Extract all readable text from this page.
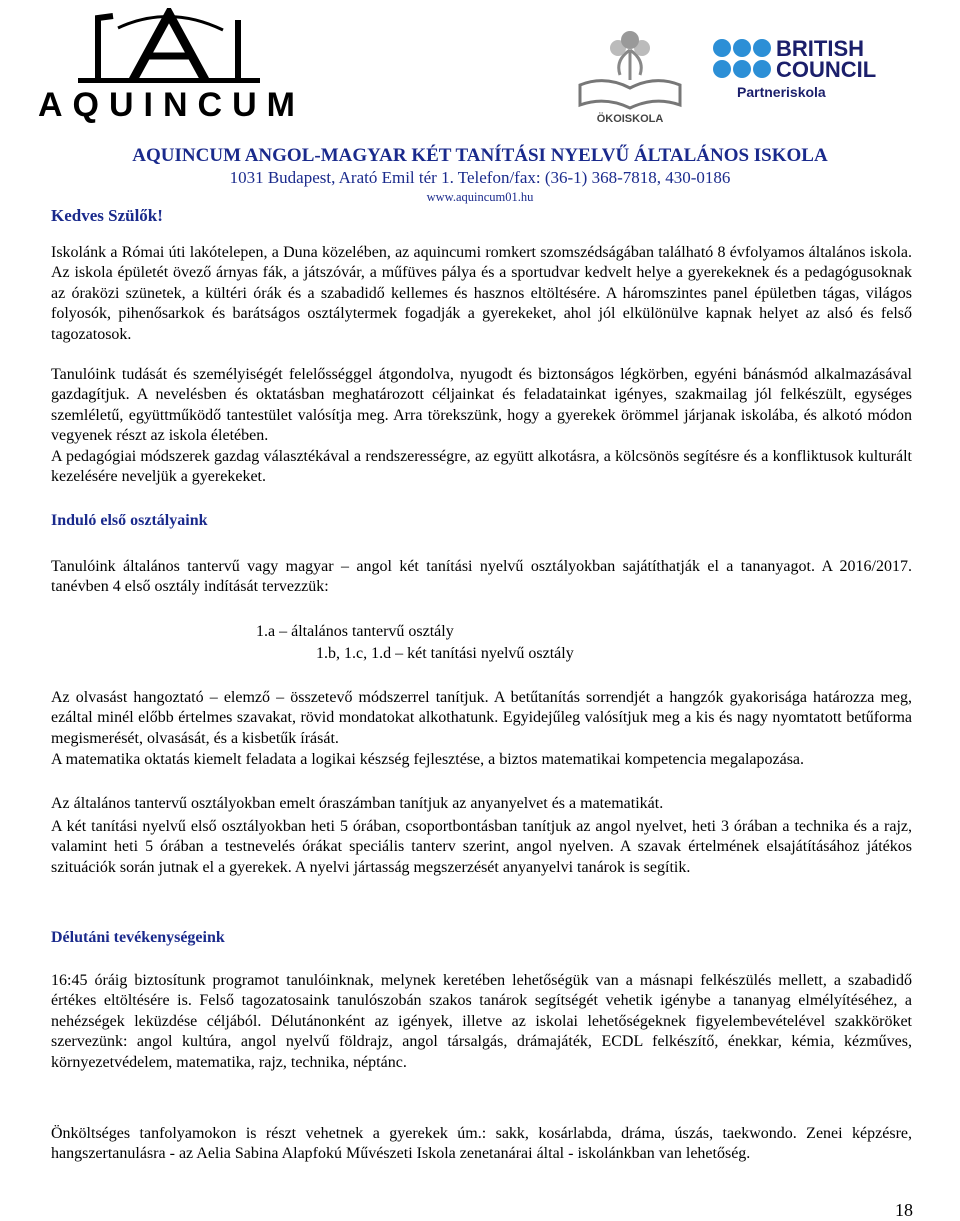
AQUINCUM	ÖKOISKOLA
BRITISH
COUNCIL
Partneriskola
AQUINCUM ANGOL-MAGYAR KÉT TANÍTÁSI NYELVŰ ÁLTALÁNOS ISKOLA
1031 Budapest, Arató Emil tér 1. Telefon/fax: (36-1) 368-7818, 430-0186
www.aquincum01.hu
Kedves Szülők!
Iskolánk a Római úti lakótelepen, a Duna közelében, az aquincumi romkert szomszédságában található 8 évfolyamos általános iskola. Az iskola épületét övező árnyas fák, a játszóvár, a műfüves pálya és a sportudvar kedvelt helye a gyerekeknek és a pedagógusoknak az óraközi szünetek, a kültéri órák és a szabadidő kellemes és hasznos eltöltésére. A háromszintes panel épületben tágas, világos folyosók, pihenősarkok és barátságos osztálytermek fogadják a gyerekeket, ahol jól elkülönülve kapnak helyet az alsó és felső tagozatosok.
Tanulóink tudását és személyiségét felelősséggel átgondolva, nyugodt és biztonságos légkörben, egyéni bánásmód alkalmazásával gazdagítjuk. A nevelésben és oktatásban meghatározott céljainkat és feladatainkat igényes, szakmailag jól felkészült, egységes szemléletű, együttműködő tantestület valósítja meg. Arra törekszünk, hogy a gyerekek örömmel járjanak iskolába, és alkotó módon vegyenek részt az iskola életében.
A pedagógiai módszerek gazdag választékával a rendszerességre, az együtt alkotásra, a kölcsönös segítésre és a konfliktusok kulturált kezelésére neveljük a gyerekeket.
Induló első osztályaink
Tanulóink általános tantervű vagy magyar – angol két tanítási nyelvű osztályokban sajátíthatják el a tananyagot. A 2016/2017. tanévben 4 első osztály indítását tervezzük:
1.a – általános tantervű osztály
1.b, 1.c, 1.d – két tanítási nyelvű osztály
Az olvasást hangoztató – elemző – összetevő módszerrel tanítjuk. A betűtanítás sorrendjét a hangzók gyakorisága határozza meg, ezáltal minél előbb értelmes szavakat, rövid mondatokat alkothatunk. Egyidejűleg valósítjuk meg a kis és nagy nyomtatott betűforma megismerését, olvasását, és a kisbetűk írását.
A matematika oktatás kiemelt feladata a logikai készség fejlesztése, a biztos matematikai kompetencia megalapozása.
Az általános tantervű osztályokban emelt óraszámban tanítjuk az anyanyelvet és a matematikát.
A két tanítási nyelvű első osztályokban heti 5 órában, csoportbontásban tanítjuk az angol nyelvet, heti 3 órában a technika és a rajz, valamint heti 5 órában a testnevelés órákat speciális tanterv szerint, angol nyelven. A szavak értelmének elsajátításához játékos szituációk során jutnak el a gyerekek. A nyelvi jártasság megszerzését anyanyelvi tanárok is segítik.
Délutáni tevékenységeink
16:45 óráig biztosítunk programot tanulóinknak, melynek keretében lehetőségük van a másnapi felkészülés mellett, a szabadidő értékes eltöltésére is. Felső tagozatosaink tanulószobán szakos tanárok segítségét vehetik igénybe a tananyag elmélyítéséhez, a nehézségek leküzdése céljából. Délutánonként az igények, illetve az iskolai lehetőségeknek figyelembevételével szakköröket szervezünk: angol kultúra, angol nyelvű földrajz, angol társalgás, drámajáték, ECDL felkészítő, énekkar, kémia, kézműves, környezetvédelem, matematika, rajz, technika, néptánc.
Önköltséges tanfolyamokon is részt vehetnek a gyerekek úm.: sakk, kosárlabda, dráma, úszás, taekwondo. Zenei képzésre, hangszertanulásra - az Aelia Sabina Alapfokú Művészeti Iskola zenetanárai által - iskolánkban van lehetőség.
18
